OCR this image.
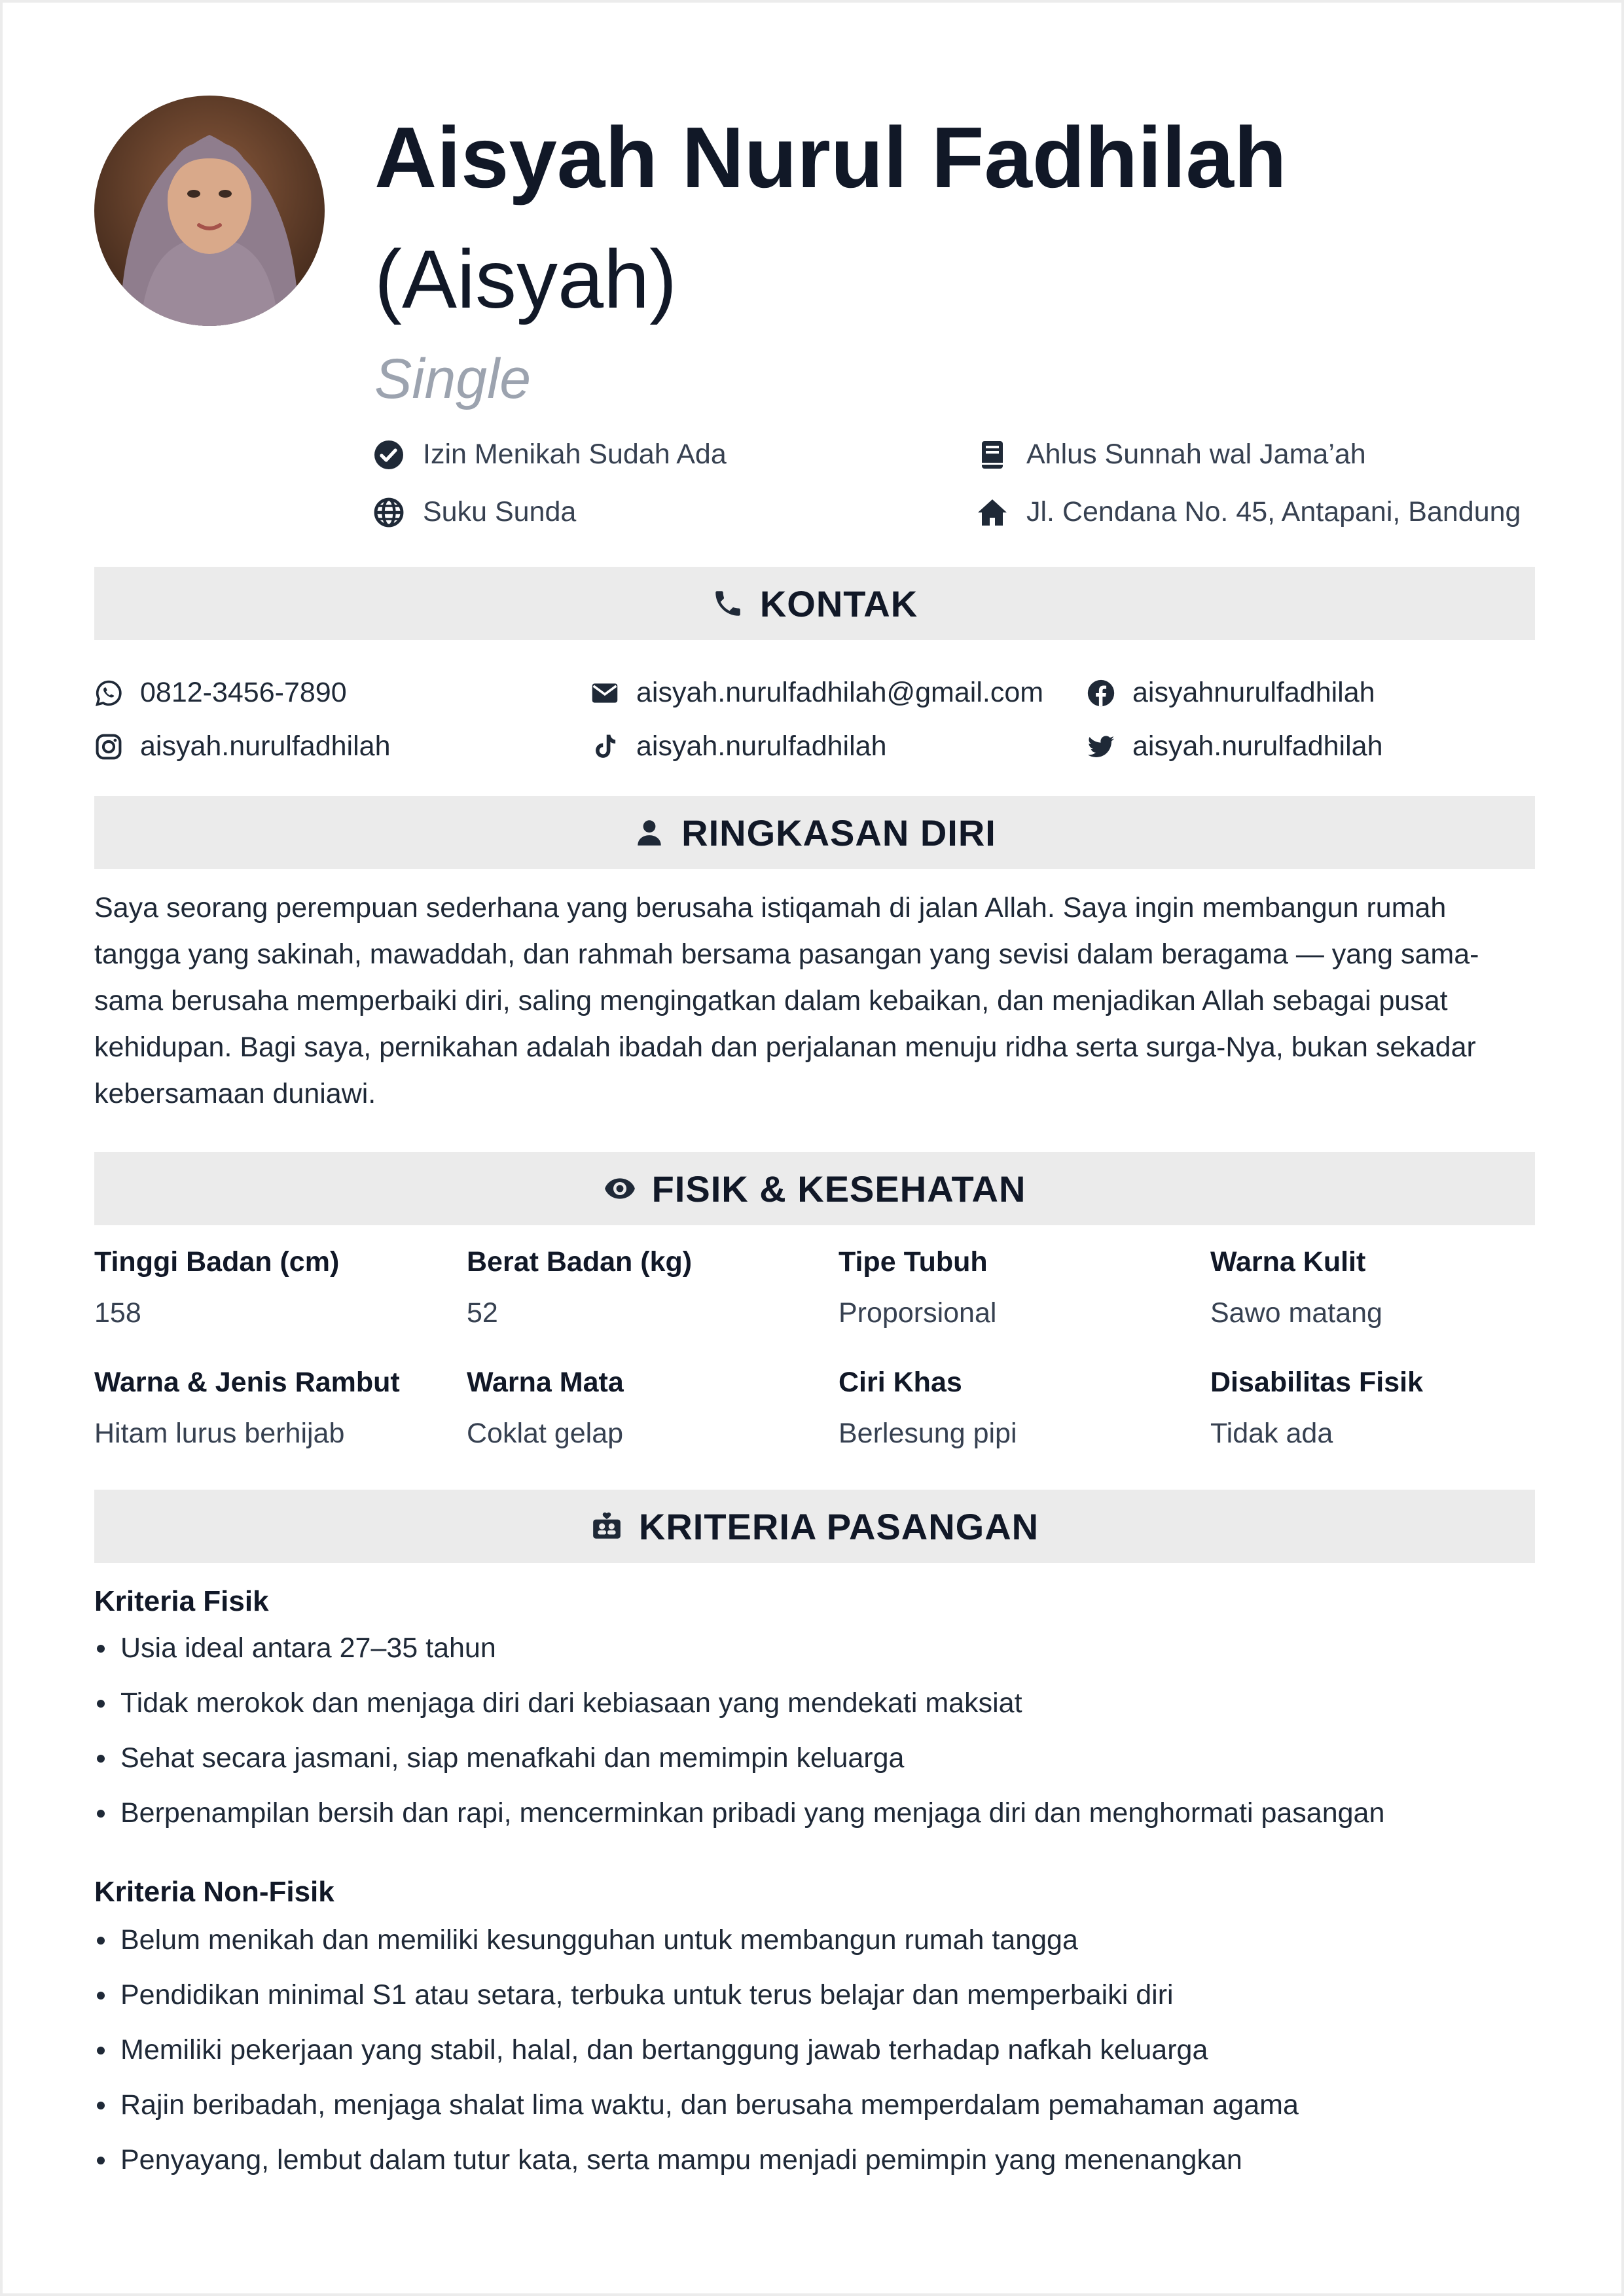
Aisyah Nurul Fadhilah
(Aisyah)
Single
Izin Menikah Sudah Ada	Ahlus Sunnah wal Jama’ah
Suku Sunda	Jl. Cendana No. 45, Antapani, Bandung
KONTAK
0812-3456-7890	aisyah.nurulfadhilah@gmail.com	aisyahnurulfadhilah
aisyah.nurulfadhilah	aisyah.nurulfadhilah	aisyah.nurulfadhilah
RINGKASAN DIRI
Saya seorang perempuan sederhana yang berusaha istiqamah di jalan Allah. Saya ingin membangun rumah tangga yang sakinah, mawaddah, dan rahmah bersama pasangan yang sevisi dalam beragama — yang sama-sama berusaha memperbaiki diri, saling mengingatkan dalam kebaikan, dan menjadikan Allah sebagai pusat kehidupan. Bagi saya, pernikahan adalah ibadah dan perjalanan menuju ridha serta surga-Nya, bukan sekadar kebersamaan duniawi.
FISIK & KESEHATAN
Tinggi Badan (cm)
158
Berat Badan (kg)
52
Tipe Tubuh
Proporsional
Warna Kulit
Sawo matang
Warna & Jenis Rambut
Hitam lurus berhijab
Warna Mata
Coklat gelap
Ciri Khas
Berlesung pipi
Disabilitas Fisik
Tidak ada
KRITERIA PASANGAN
Kriteria Fisik
Usia ideal antara 27–35 tahun
Tidak merokok dan menjaga diri dari kebiasaan yang mendekati maksiat
Sehat secara jasmani, siap menafkahi dan memimpin keluarga
Berpenampilan bersih dan rapi, mencerminkan pribadi yang menjaga diri dan menghormati pasangan
Kriteria Non-Fisik
Belum menikah dan memiliki kesungguhan untuk membangun rumah tangga
Pendidikan minimal S1 atau setara, terbuka untuk terus belajar dan memperbaiki diri
Memiliki pekerjaan yang stabil, halal, dan bertanggung jawab terhadap nafkah keluarga
Rajin beribadah, menjaga shalat lima waktu, dan berusaha memperdalam pemahaman agama
Penyayang, lembut dalam tutur kata, serta mampu menjadi pemimpin yang menenangkan
